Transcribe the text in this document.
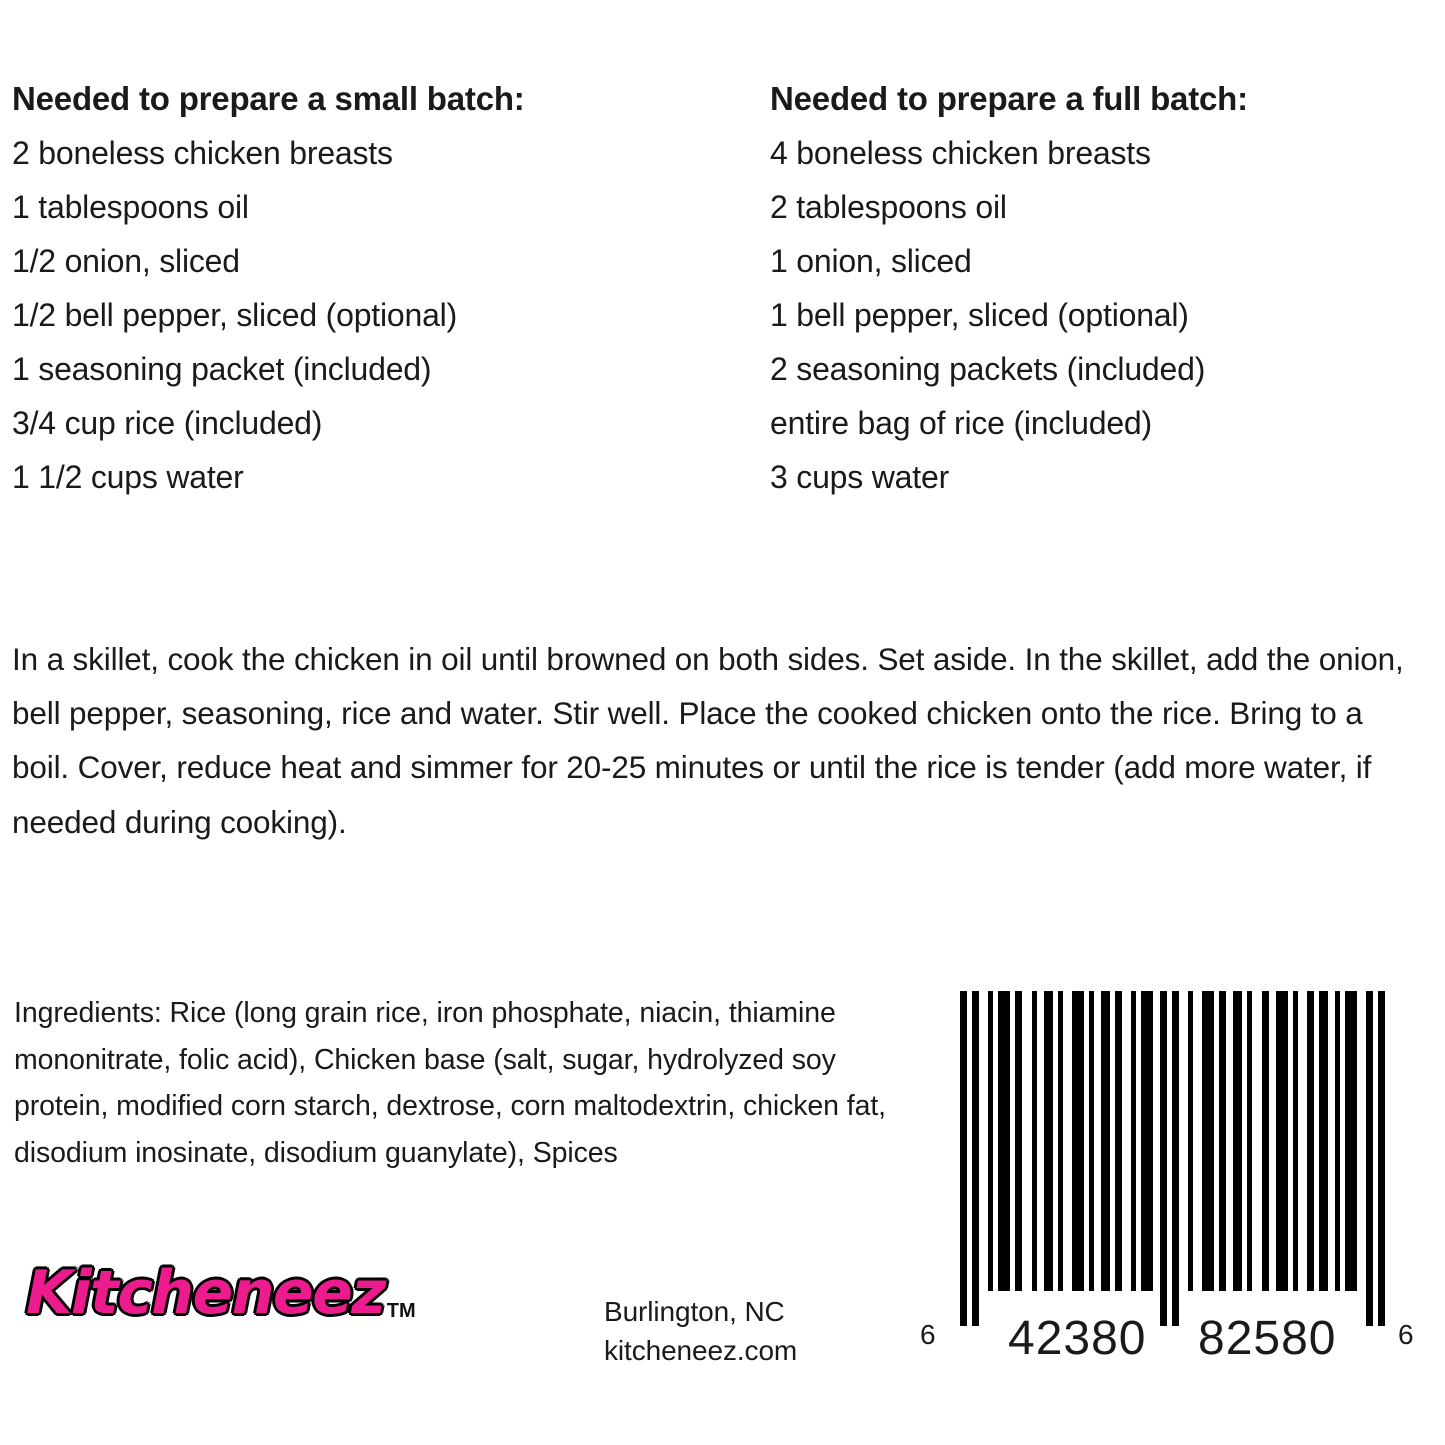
Needed to prepare a small batch:
2 boneless chicken breasts
1 tablespoons oil
1/2 onion, sliced
1/2 bell pepper, sliced (optional)
1 seasoning packet (included)
3/4 cup rice (included)
1 1/2 cups water
Needed to prepare a full batch:
4 boneless chicken breasts
2 tablespoons oil
1 onion, sliced
1 bell pepper, sliced (optional)
2 seasoning packets (included)
entire bag of rice (included)
3 cups water
In a skillet, cook the chicken in oil until browned on both sides. Set aside. In the skillet, add the onion, bell pepper, seasoning, rice and water. Stir well. Place the cooked chicken onto the rice. Bring to a boil. Cover, reduce heat and simmer for 20-25 minutes or until the rice is tender (add more water, if needed during cooking).
Ingredients: Rice (long grain rice, iron phosphate, niacin, thiamine mononitrate, folic acid), Chicken base (salt, sugar, hydrolyzed soy protein, modified corn starch, dextrose, corn maltodextrin, chicken fat, disodium inosinate, disodium guanylate), Spices
Kitcheneez TM	Burlington, NC
kitcheneez.com
6 42380 82580 6
